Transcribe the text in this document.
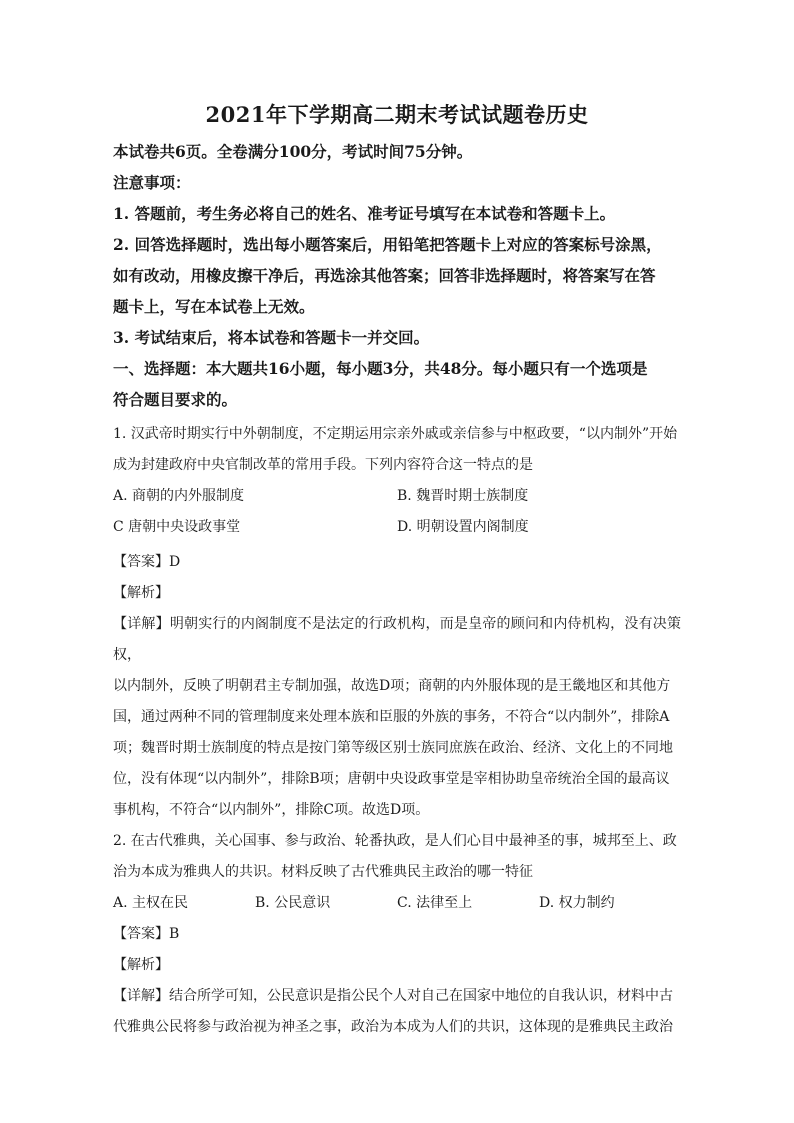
2021年下学期高二期末考试试题卷历史

本试卷共6页。全卷满分100分，考试时间75分钟。

注意事项：

1. 答题前，考生务必将自己的姓名、准考证号填写在本试卷和答题卡上。

2. 回答选择题时，选出每小题答案后，用铅笔把答题卡上对应的答案标号涂黑，

如有改动，用橡皮擦干净后，再选涂其他答案；回答非选择题时，将答案写在答

题卡上，写在本试卷上无效。

3. 考试结束后，将本试卷和答题卡一并交回。

一、选择题：本大题共16小题，每小题3分，共48分。每小题只有一个选项是

符合题目要求的。

1. 汉武帝时期实行中外朝制度，不定期运用宗亲外戚或亲信参与中枢政要，“以内制外”开始

成为封建政府中央官制改革的常用手段。下列内容符合这一特点的是

A. 商朝的内外服制度	B. 魏晋时期士族制度
C 唐朝中央设政事堂	D. 明朝设置内阁制度

【答案】D

【解析】

【详解】明朝实行的内阁制度不是法定的行政机构，而是皇帝的顾问和内侍机构，没有决策权，

以内制外，反映了明朝君主专制加强，故选D项；商朝的内外服体现的是王畿地区和其他方

国，通过两种不同的管理制度来处理本族和臣服的外族的事务，不符合“以内制外”，排除A

项；魏晋时期士族制度的特点是按门第等级区别士族同庶族在政治、经济、文化上的不同地

位，没有体现“以内制外”，排除B项；唐朝中央设政事堂是宰相协助皇帝统治全国的最高议

事机构，不符合“以内制外”，排除C项。故选D项。

2. 在古代雅典，关心国事、参与政治、轮番执政，是人们心目中最神圣的事，城邦至上、政

治为本成为雅典人的共识。材料反映了古代雅典民主政治的哪一特征

A. 主权在民	B. 公民意识	C. 法律至上	D. 权力制约

【答案】B

【解析】

【详解】结合所学可知，公民意识是指公民个人对自己在国家中地位的自我认识，材料中古

代雅典公民将参与政治视为神圣之事，政治为本成为人们的共识，这体现的是雅典民主政治
